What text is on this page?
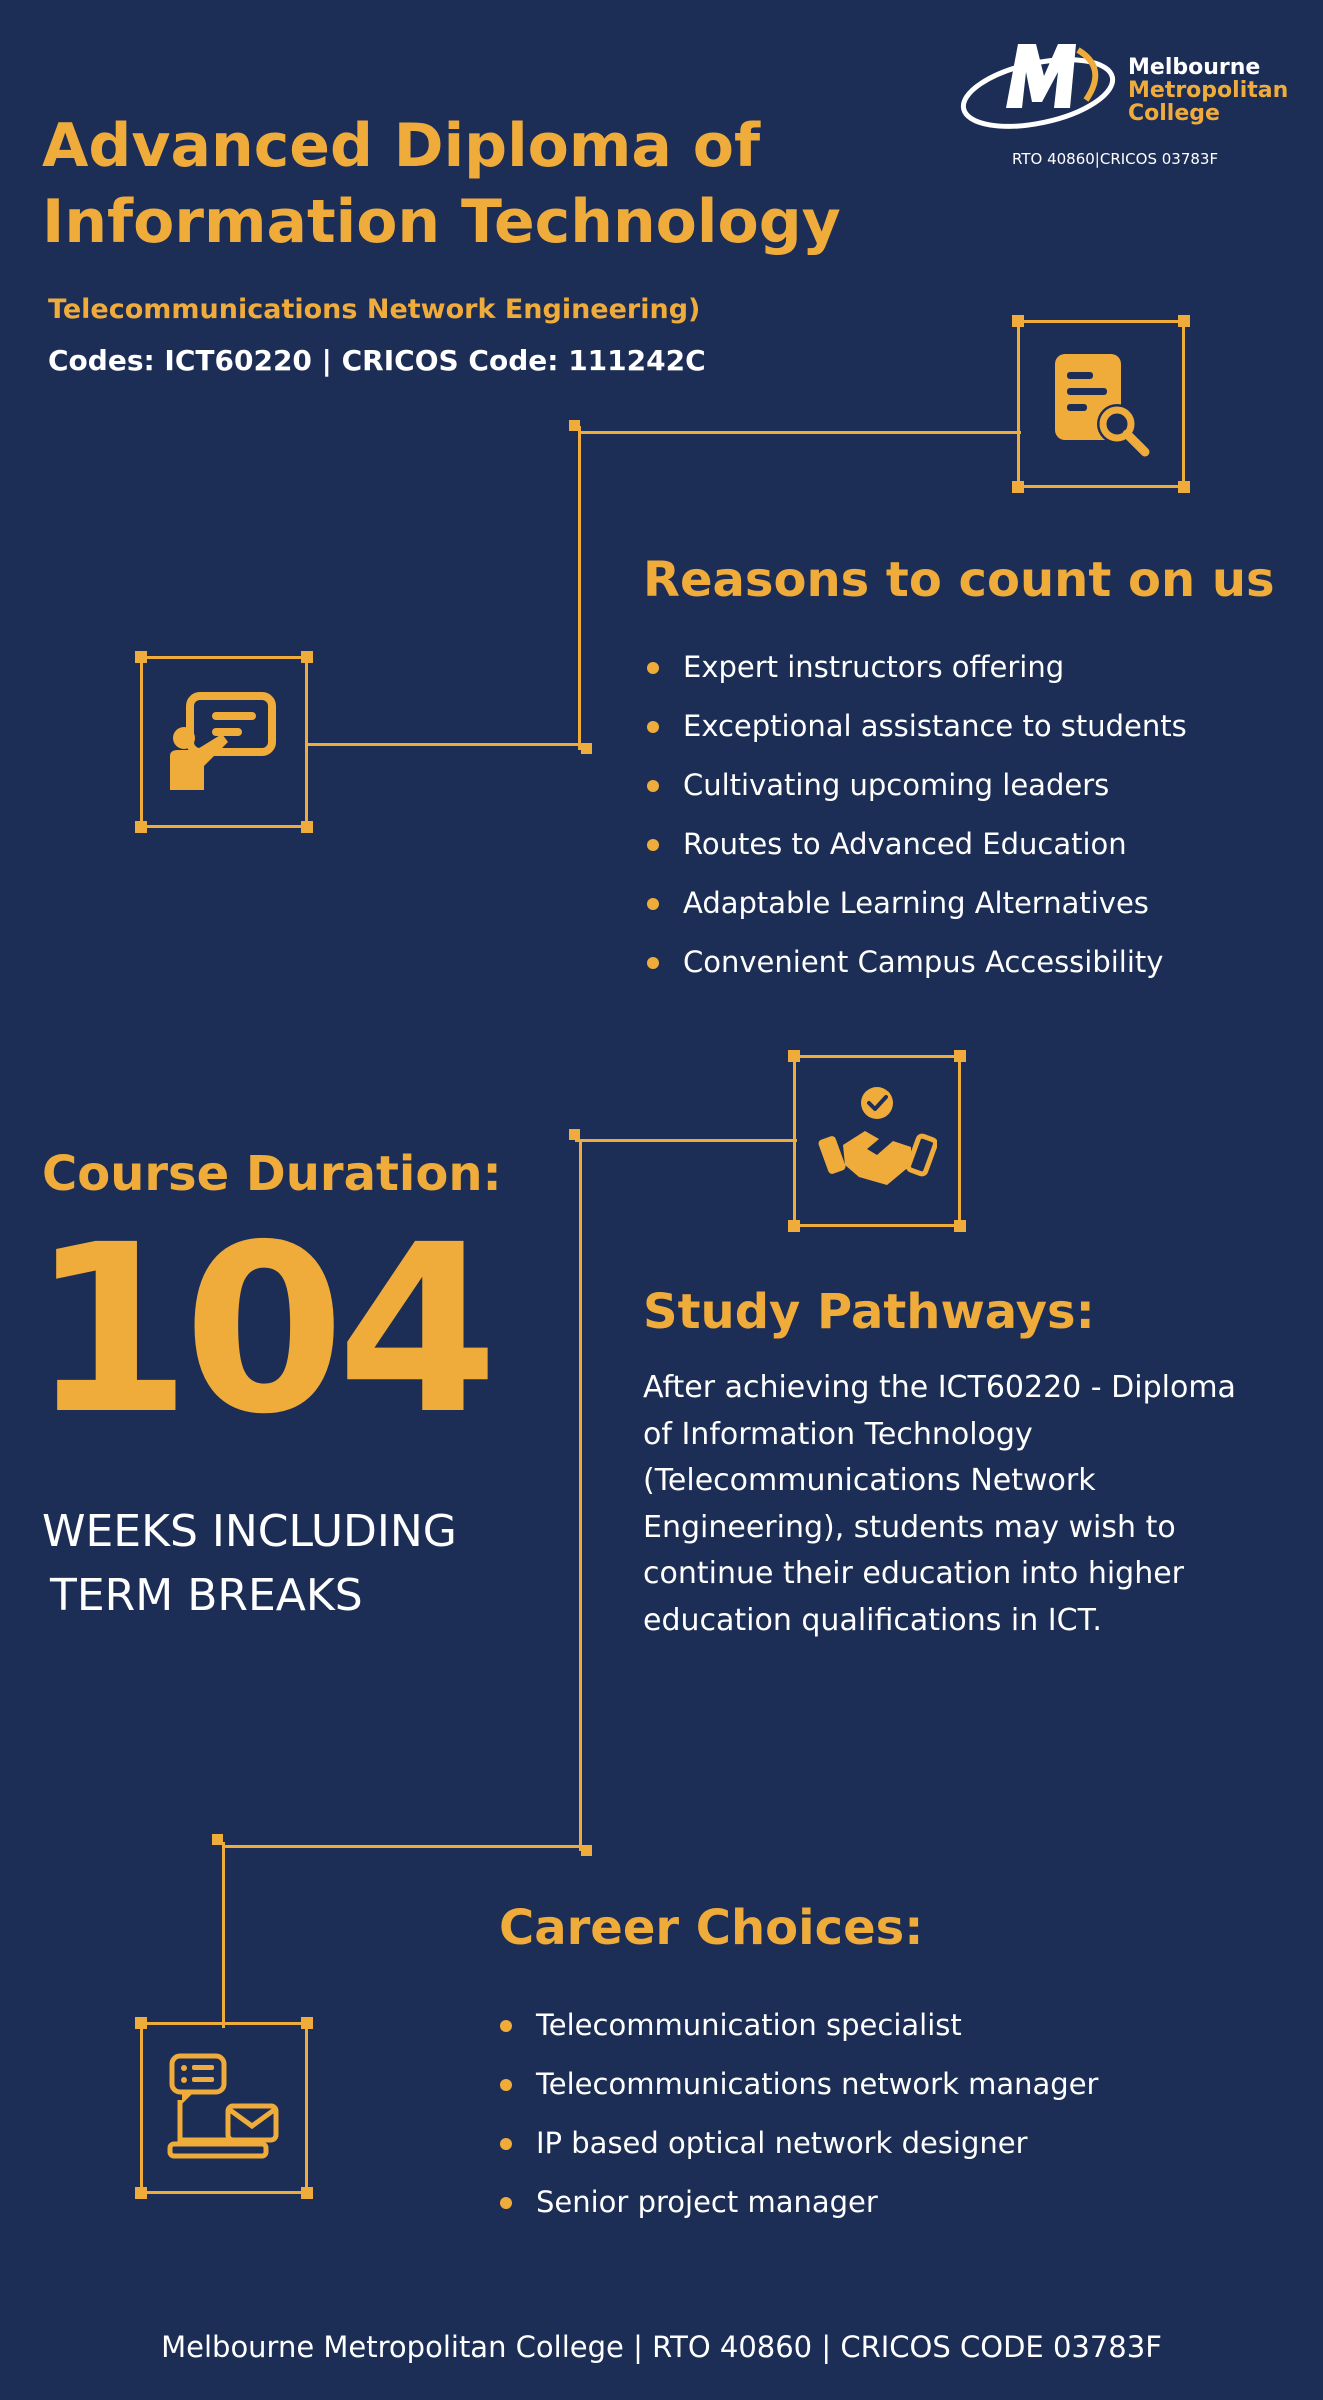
Melbourne
Metropolitan
College
RTO 40860|CRICOS 03783F
Advanced Diploma of Information Technology
Telecommunications Network Engineering)
Codes: ICT60220 | CRICOS Code: 111242C
Reasons to count on us
Expert instructors offering
Exceptional assistance to students
Cultivating upcoming leaders
Routes to Advanced Education
Adaptable Learning Alternatives
Convenient Campus Accessibility
Course Duration:
104
WEEKS INCLUDING
TERM BREAKS
Study Pathways:

After achieving the ICT60220 - Diploma of Information Technology (Telecommunications Network Engineering), students may wish to continue their education into higher education qualifications in ICT.

Career Choices:
Telecommunication specialist
Telecommunications network manager
IP based optical network designer
Senior project manager
Melbourne Metropolitan College | RTO 40860 | CRICOS CODE 03783F
